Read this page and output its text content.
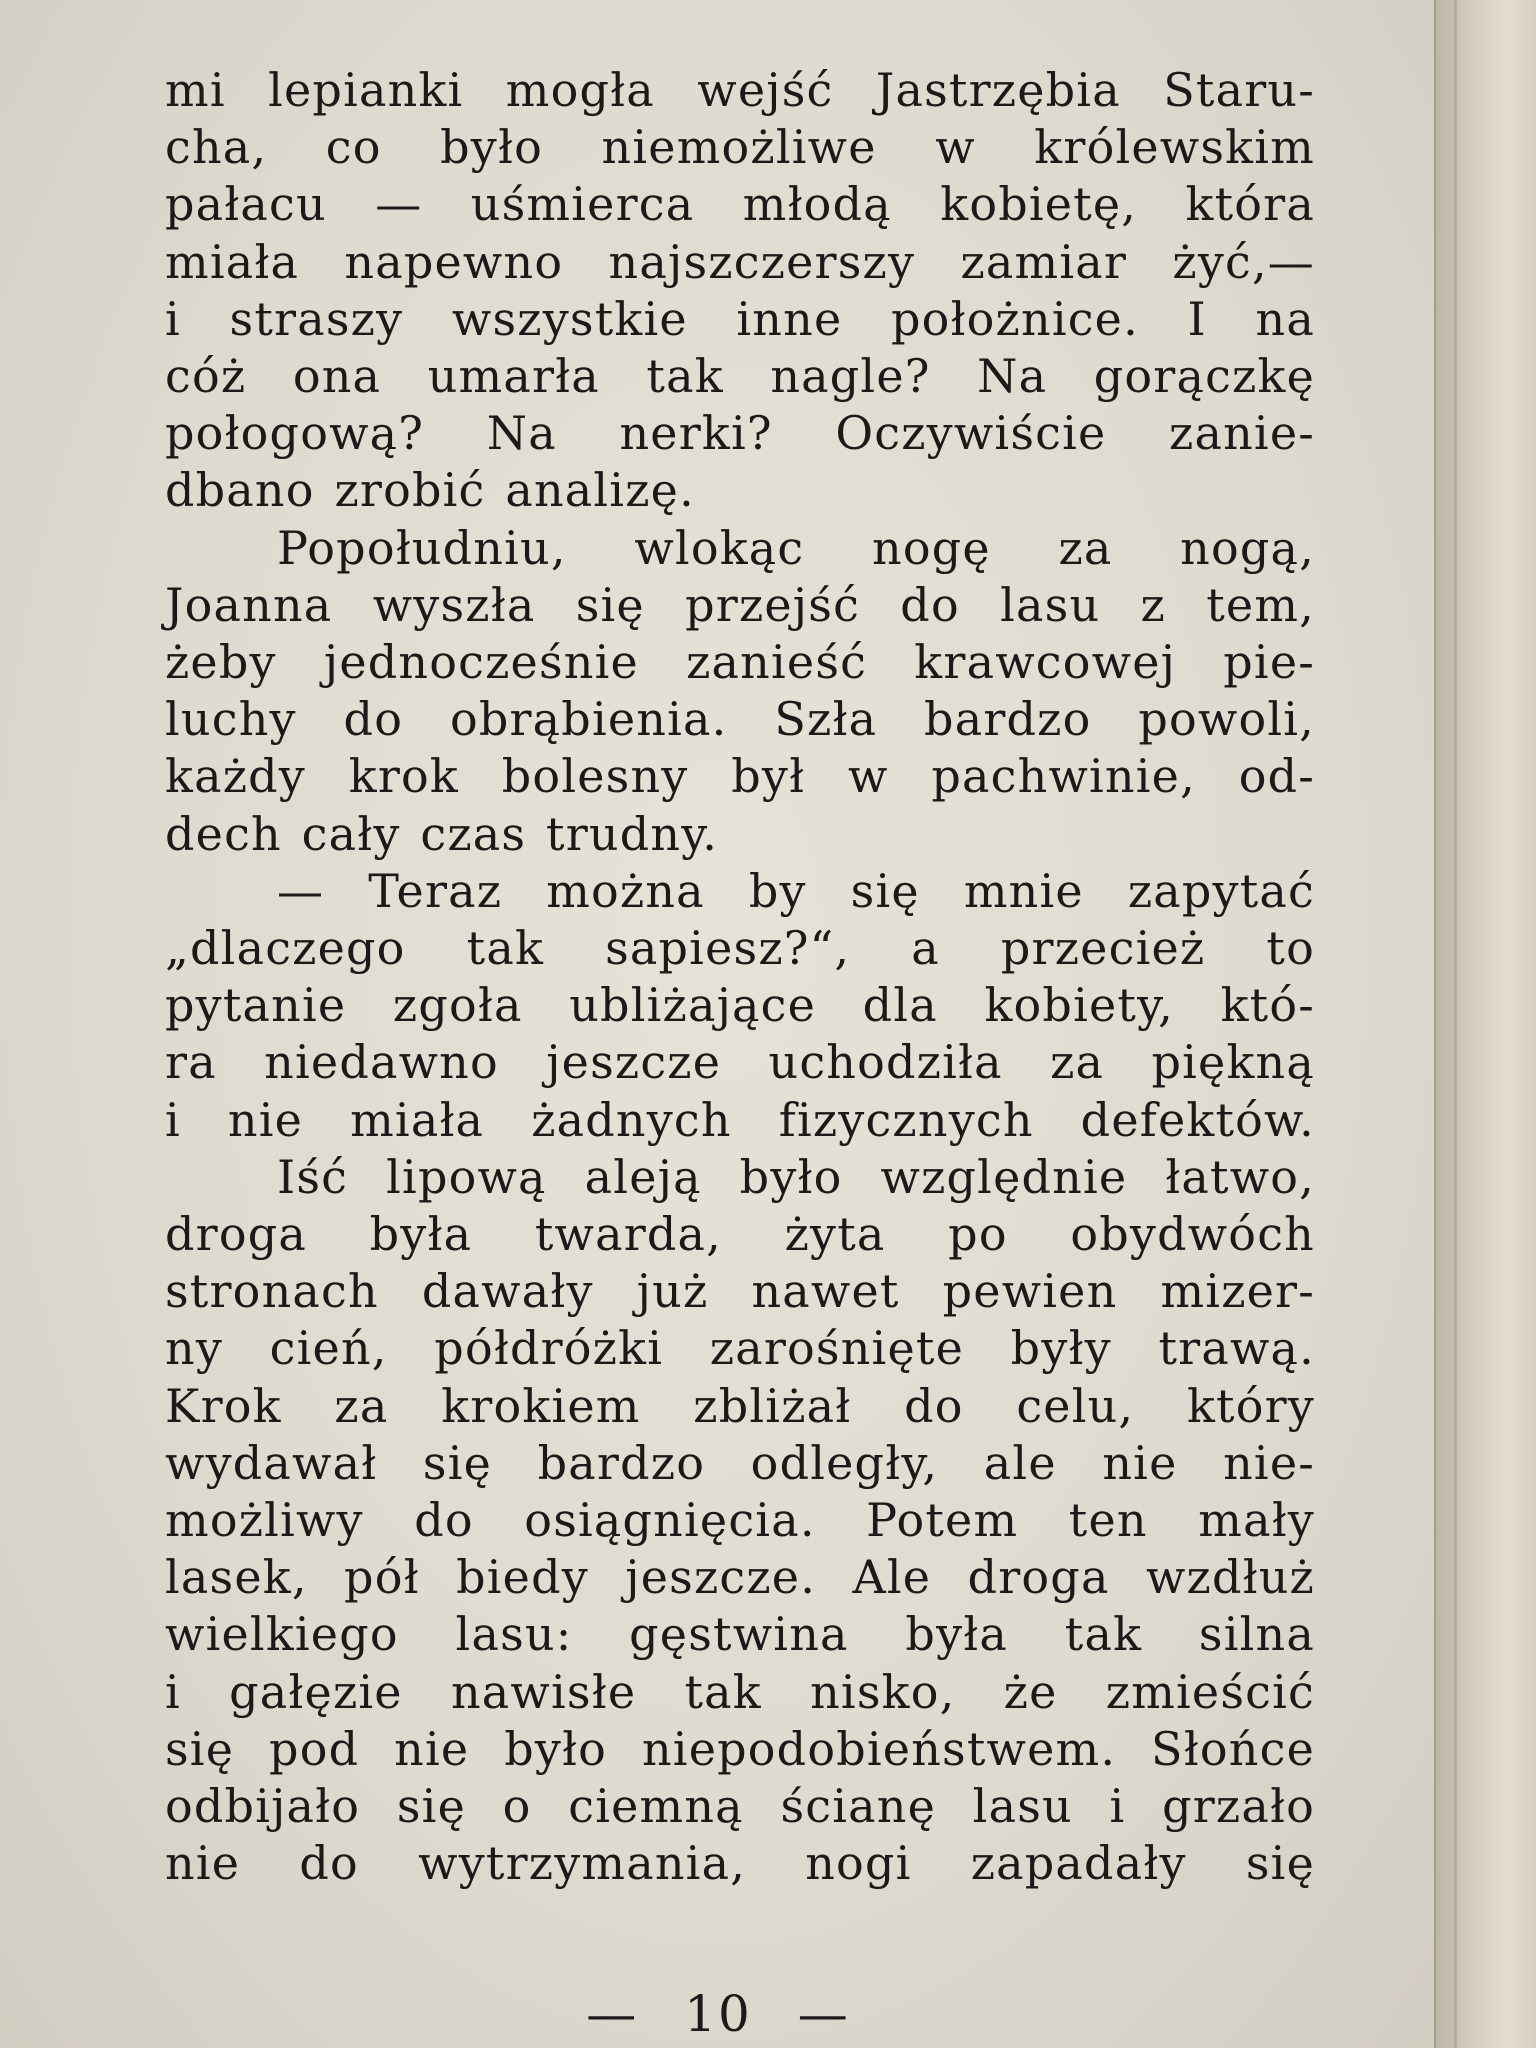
mi lepianki mogła wejść Jastrzębia Staru-
cha, co było niemożliwe w królewskim
pałacu — uśmierca młodą kobietę, która
miała napewno najszczerszy zamiar żyć,—
i straszy wszystkie inne położnice. I na
cóż ona umarła tak nagle? Na gorączkę
połogową? Na nerki? Oczywiście zanie-
dbano zrobić analizę.
Popołudniu, wlokąc nogę za nogą,
Joanna wyszła się przejść do lasu z tem,
żeby jednocześnie zanieść krawcowej pie-
luchy do obrąbienia. Szła bardzo powoli,
każdy krok bolesny był w pachwinie, od-
dech cały czas trudny.
— Teraz można by się mnie zapytać
„dlaczego tak sapiesz?“, a przecież to
pytanie zgoła ubliżające dla kobiety, któ-
ra niedawno jeszcze uchodziła za piękną
i nie miała żadnych fizycznych defektów.
Iść lipową aleją było względnie łatwo,
droga była twarda, żyta po obydwóch
stronach dawały już nawet pewien mizer-
ny cień, półdróżki zarośnięte były trawą.
Krok za krokiem zbliżał do celu, który
wydawał się bardzo odległy, ale nie nie-
możliwy do osiągnięcia. Potem ten mały
lasek, pół biedy jeszcze. Ale droga wzdłuż
wielkiego lasu: gęstwina była tak silna
i gałęzie nawisłe tak nisko, że zmieścić
się pod nie było niepodobieństwem. Słońce
odbijało się o ciemną ścianę lasu i grzało
nie do wytrzymania, nogi zapadały się
— 10 —
